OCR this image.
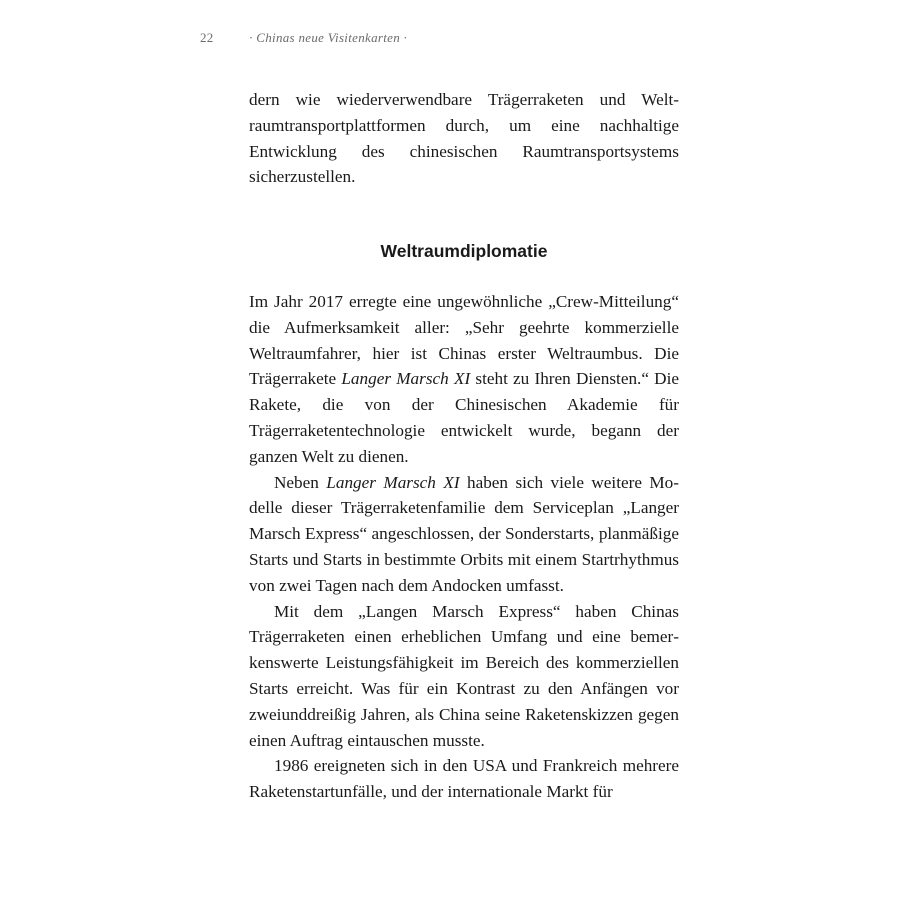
22	· Chinas neue Visitenkarten ·

dern wie wiederverwendbare Trägerraketen und Weltraumtransportplattformen durch, um eine nachhaltige Entwicklung des chinesischen Raumtransportsystems sicherzustellen.

Weltraumdiplomatie

Im Jahr 2017 erregte eine ungewöhnliche „Crew-Mitteilung“ die Aufmerksamkeit aller: „Sehr geehrte kommerzielle Weltraumfahrer, hier ist Chinas erster Weltraumbus. Die Trägerrakete Langer Marsch XI steht zu Ihren Diensten.“ Die Rakete, die von der Chinesischen Akademie für Trägerraketentechnologie entwickelt wurde, begann der ganzen Welt zu dienen.

Neben Langer Marsch XI haben sich viele weitere Modelle dieser Trägerraketenfamilie dem Serviceplan „Langer Marsch Express“ angeschlossen, der Sonderstarts, planmäßige Starts und Starts in bestimmte Orbits mit einem Startrhythmus von zwei Tagen nach dem Andocken umfasst.

Mit dem „Langen Marsch Express“ haben Chinas Trägerraketen einen erheblichen Umfang und eine bemerkenswerte Leistungsfähigkeit im Bereich des kommerziellen Starts erreicht. Was für ein Kontrast zu den Anfängen vor zweiunddreißig Jahren, als China seine Raketenskizzen gegen einen Auftrag eintauschen musste.

1986 ereigneten sich in den USA und Frankreich mehrere Raketenstartunfälle, und der internationale Markt für
